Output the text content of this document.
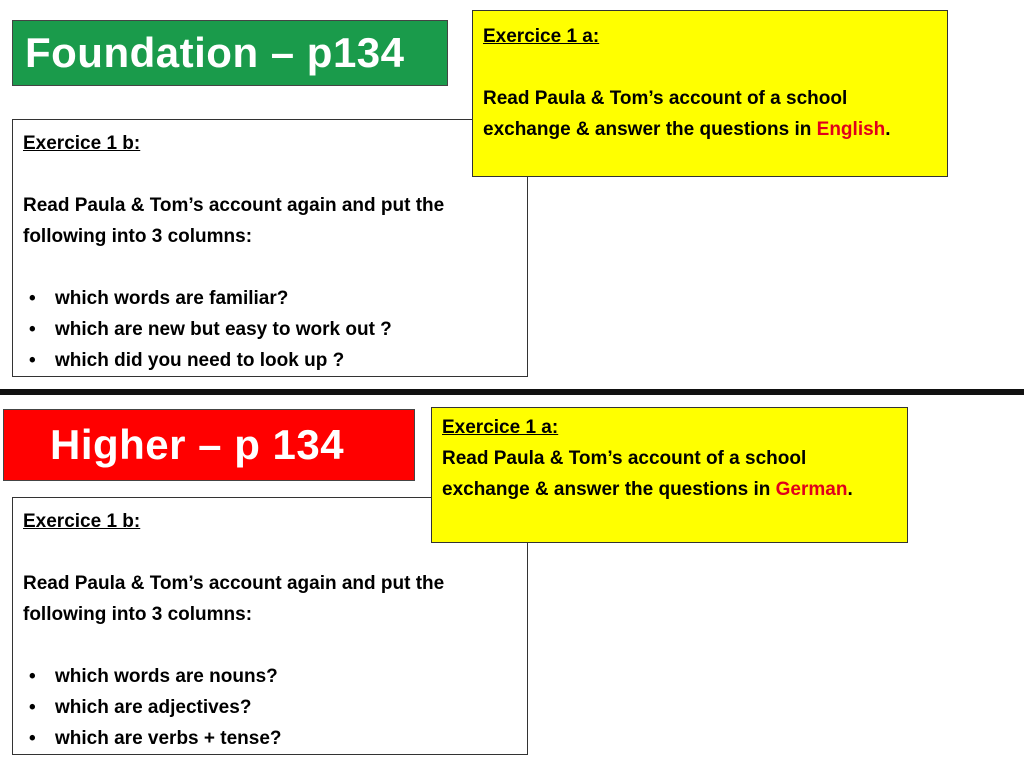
Foundation – p134
Exercice 1 b:
Read Paula & Tom’s account again and put the following into 3 columns:
• which words are familiar?
• which are new but easy to work out ?
• which did you need to look up ?
Exercice 1 a:
Read Paula & Tom’s account of a school exchange & answer the questions in English.
Higher – p 134
Exercice 1 b:
Read Paula & Tom’s account again and put the following into 3 columns:
• which words are nouns?
• which are adjectives?
• which are verbs + tense?
Exercice 1 a:
Read Paula & Tom’s account of a school exchange & answer the questions in German.
